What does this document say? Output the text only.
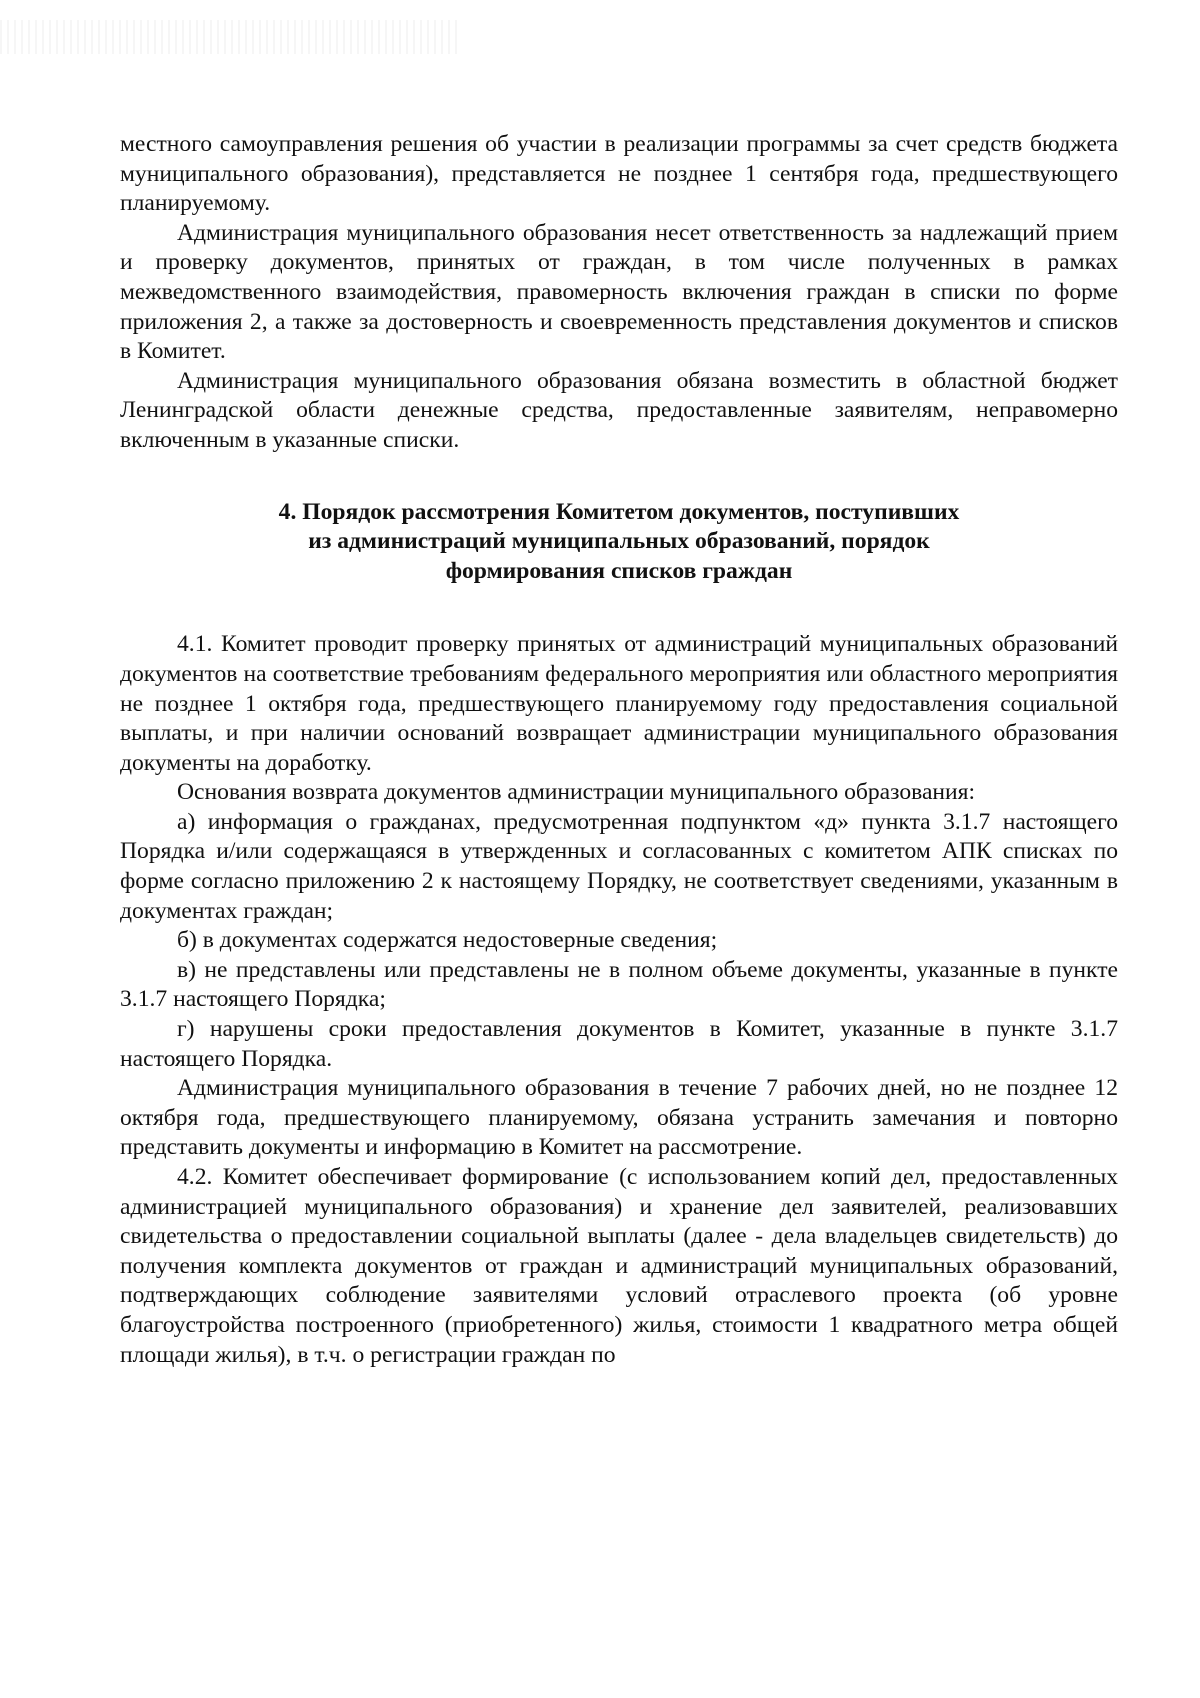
местного самоуправления решения об участии в реализации программы за счет средств бюджета муниципального образования), представляется не позднее 1 сентября года, предшествующего планируемому.

Администрация муниципального образования несет ответственность за надлежащий прием и проверку документов, принятых от граждан, в том числе полученных в рамках межведомственного взаимодействия, правомерность включения граждан в списки по форме приложения 2, а также за достоверность и своевременность представления документов и списков в Комитет.

Администрация муниципального образования обязана возместить в областной бюджет Ленинградской области денежные средства, предоставленные заявителям, неправомерно включенным в указанные списки.

4. Порядок рассмотрения Комитетом документов, поступивших
из администраций муниципальных образований, порядок
формирования списков граждан

4.1. Комитет проводит проверку принятых от администраций муниципальных образований документов на соответствие требованиям федерального мероприятия или областного мероприятия не позднее 1 октября года, предшествующего планируемому году предоставления социальной выплаты, и при наличии оснований возвращает администрации муниципального образования документы на доработку.

Основания возврата документов администрации муниципального образования:

а) информация о гражданах, предусмотренная подпунктом «д» пункта 3.1.7 настоящего Порядка и/или содержащаяся в утвержденных и согласованных с комитетом АПК списках по форме согласно приложению 2 к настоящему Порядку, не соответствует сведениями, указанным в документах граждан;

б) в документах содержатся недостоверные сведения;

в) не представлены или представлены не в полном объеме документы, указанные в пункте 3.1.7 настоящего Порядка;

г) нарушены сроки предоставления документов в Комитет, указанные в пункте 3.1.7 настоящего Порядка.

Администрация муниципального образования в течение 7 рабочих дней, но не позднее 12 октября года, предшествующего планируемому, обязана устранить замечания и повторно представить документы и информацию в Комитет на рассмотрение.

4.2. Комитет обеспечивает формирование (с использованием копий дел, предоставленных администрацией муниципального образования) и хранение дел заявителей, реализовавших свидетельства о предоставлении социальной выплаты (далее - дела владельцев свидетельств) до получения комплекта документов от граждан и администраций муниципальных образований, подтверждающих соблюдение заявителями условий отраслевого проекта (об уровне благоустройства построенного (приобретенного) жилья, стоимости 1 квадратного метра общей площади жилья), в т.ч. о регистрации граждан по
